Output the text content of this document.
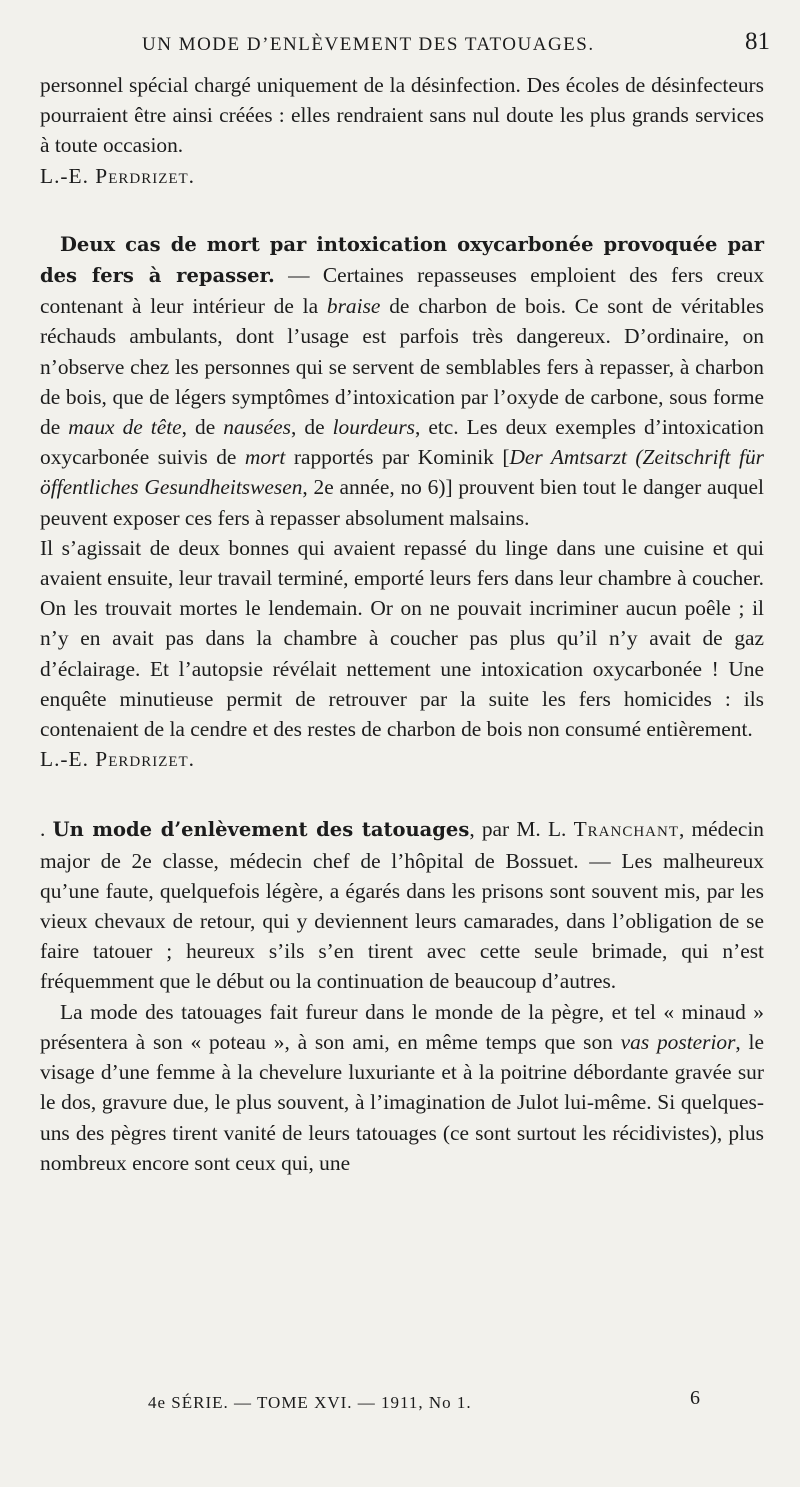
UN MODE D’ENLÈVEMENT DES TATOUAGES.	81

personnel spécial chargé uniquement de la désinfection. Des écoles de désinfecteurs pourraient être ainsi créées : elles rendraient sans nul doute les plus grands services à toute occasion.

L.-E. Perdrizet.

Deux cas de mort par intoxication oxycarbonée provoquée par des fers à repasser. — Certaines repasseuses emploient des fers creux contenant à leur intérieur de la braise de charbon de bois. Ce sont de véritables réchauds ambulants, dont l’usage est parfois très dangereux. D’ordinaire, on n’observe chez les personnes qui se servent de semblables fers à repasser, à charbon de bois, que de légers symptômes d’intoxication par l’oxyde de carbone, sous forme de maux de tête, de nausées, de lourdeurs, etc. Les deux exemples d’intoxication oxycarbonée suivis de mort rapportés par Kominik [Der Amtsarzt (Zeitschrift für öffentliches Gesundheitswesen, 2e année, no 6)] prouvent bien tout le danger auquel peuvent exposer ces fers à repasser absolument malsains.

Il s’agissait de deux bonnes qui avaient repassé du linge dans une cuisine et qui avaient ensuite, leur travail terminé, emporté leurs fers dans leur chambre à coucher. On les trouvait mortes le lendemain. Or on ne pouvait incriminer aucun poêle ; il n’y en avait pas dans la chambre à coucher pas plus qu’il n’y avait de gaz d’éclairage. Et l’autopsie révélait nettement une intoxication oxycarbonée ! Une enquête minutieuse permit de retrouver par la suite les fers homicides : ils contenaient de la cendre et des restes de charbon de bois non consumé entièrement.

L.-E. Perdrizet.

. Un mode d’enlèvement des tatouages, par M. L. Tranchant, médecin major de 2e classe, médecin chef de l’hôpital de Bossuet. — Les malheureux qu’une faute, quelquefois légère, a égarés dans les prisons sont souvent mis, par les vieux chevaux de retour, qui y deviennent leurs camarades, dans l’obligation de se faire tatouer ; heureux s’ils s’en tirent avec cette seule brimade, qui n’est fréquemment que le début ou la continuation de beaucoup d’autres.

La mode des tatouages fait fureur dans le monde de la pègre, et tel « minaud » présentera à son « poteau », à son ami, en même temps que son vas posterior, le visage d’une femme à la chevelure luxuriante et à la poitrine débordante gravée sur le dos, gravure due, le plus souvent, à l’imagination de Julot lui-même. Si quelques-uns des pègres tirent vanité de leurs tatouages (ce sont surtout les récidivistes), plus nombreux encore sont ceux qui, une

4e SÉRIE. — TOME XVI. — 1911, No 1.	6
